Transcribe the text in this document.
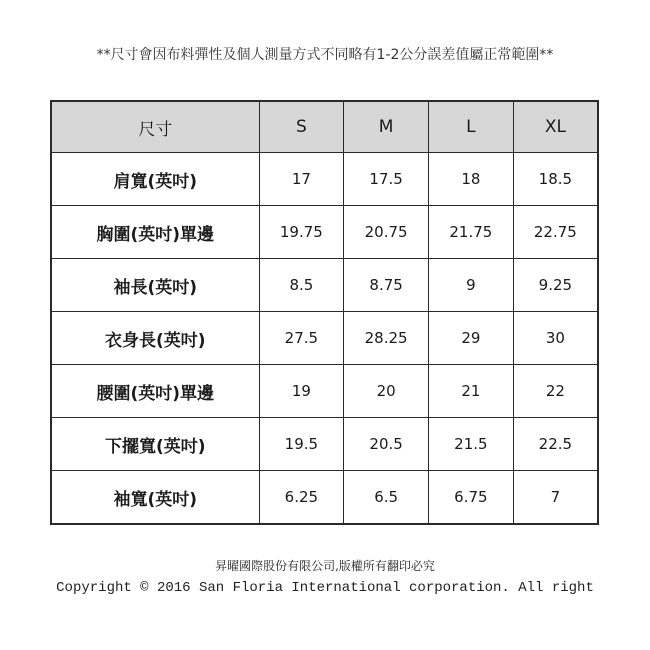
**尺寸會因布料彈性及個人測量方式不同略有1-2公分誤差值屬正常範圍**
尺寸	S	M	L	XL
肩寬(英吋)	17	17.5	18	18.5
胸圍(英吋)單邊	19.75	20.75	21.75	22.75
袖長(英吋)	8.5	8.75	9	9.25
衣身長(英吋)	27.5	28.25	29	30
腰圍(英吋)單邊	19	20	21	22
下擺寬(英吋)	19.5	20.5	21.5	22.5
袖寬(英吋)	6.25	6.5	6.75	7
昇曜國際股份有限公司,版權所有翻印必究
Copyright © 2016 San Floria International corporation. All right
